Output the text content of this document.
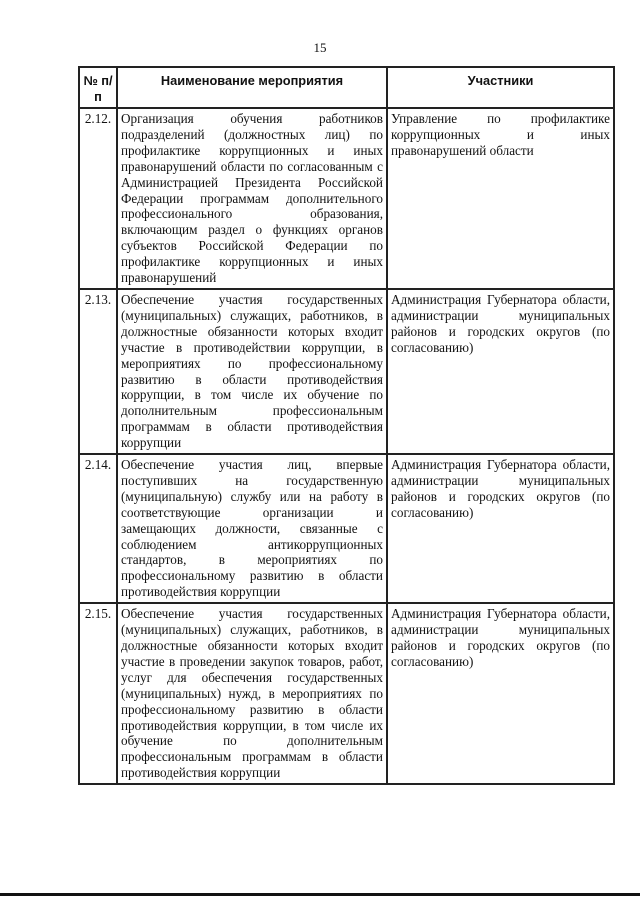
15
№ п/п	Наименование мероприятия	Участники
2.12.	Организация обучения работников подразделений (должностных лиц) по профилактике коррупционных и иных правонарушений области по согласованным с Администрацией Президента Российской Федерации программам дополнительного профессионального образования, включающим раздел о функциях органов субъектов Российской Федерации по профилактике коррупционных и иных правонарушений	Управление по профилактике коррупционных и иных правонарушений области
2.13.	Обеспечение участия государственных (муниципальных) служащих, работников, в должностные обязанности которых входит участие в противодействии коррупции, в мероприятиях по профессиональному развитию в области противодействия коррупции, в том числе их обучение по дополнительным профессиональным программам в области противодействия коррупции	Администрация Губернатора области, администрации муниципальных районов и городских округов (по согласованию)
2.14.	Обеспечение участия лиц, впервые поступивших на государственную (муниципальную) службу или на работу в соответствующие организации и замещающих должности, связанные с соблюдением антикоррупционных стандартов, в мероприятиях по профессиональному развитию в области противодействия коррупции	Администрация Губернатора области, администрации муниципальных районов и городских округов (по согласованию)
2.15.	Обеспечение участия государственных (муниципальных) служащих, работников, в должностные обязанности которых входит участие в проведении закупок товаров, работ, услуг для обеспечения государственных (муниципальных) нужд, в мероприятиях по профессиональному развитию в области противодействия коррупции, в том числе их обучение по дополнительным профессиональным программам в области противодействия коррупции	Администрация Губернатора области, администрации муниципальных районов и городских округов (по согласованию)
